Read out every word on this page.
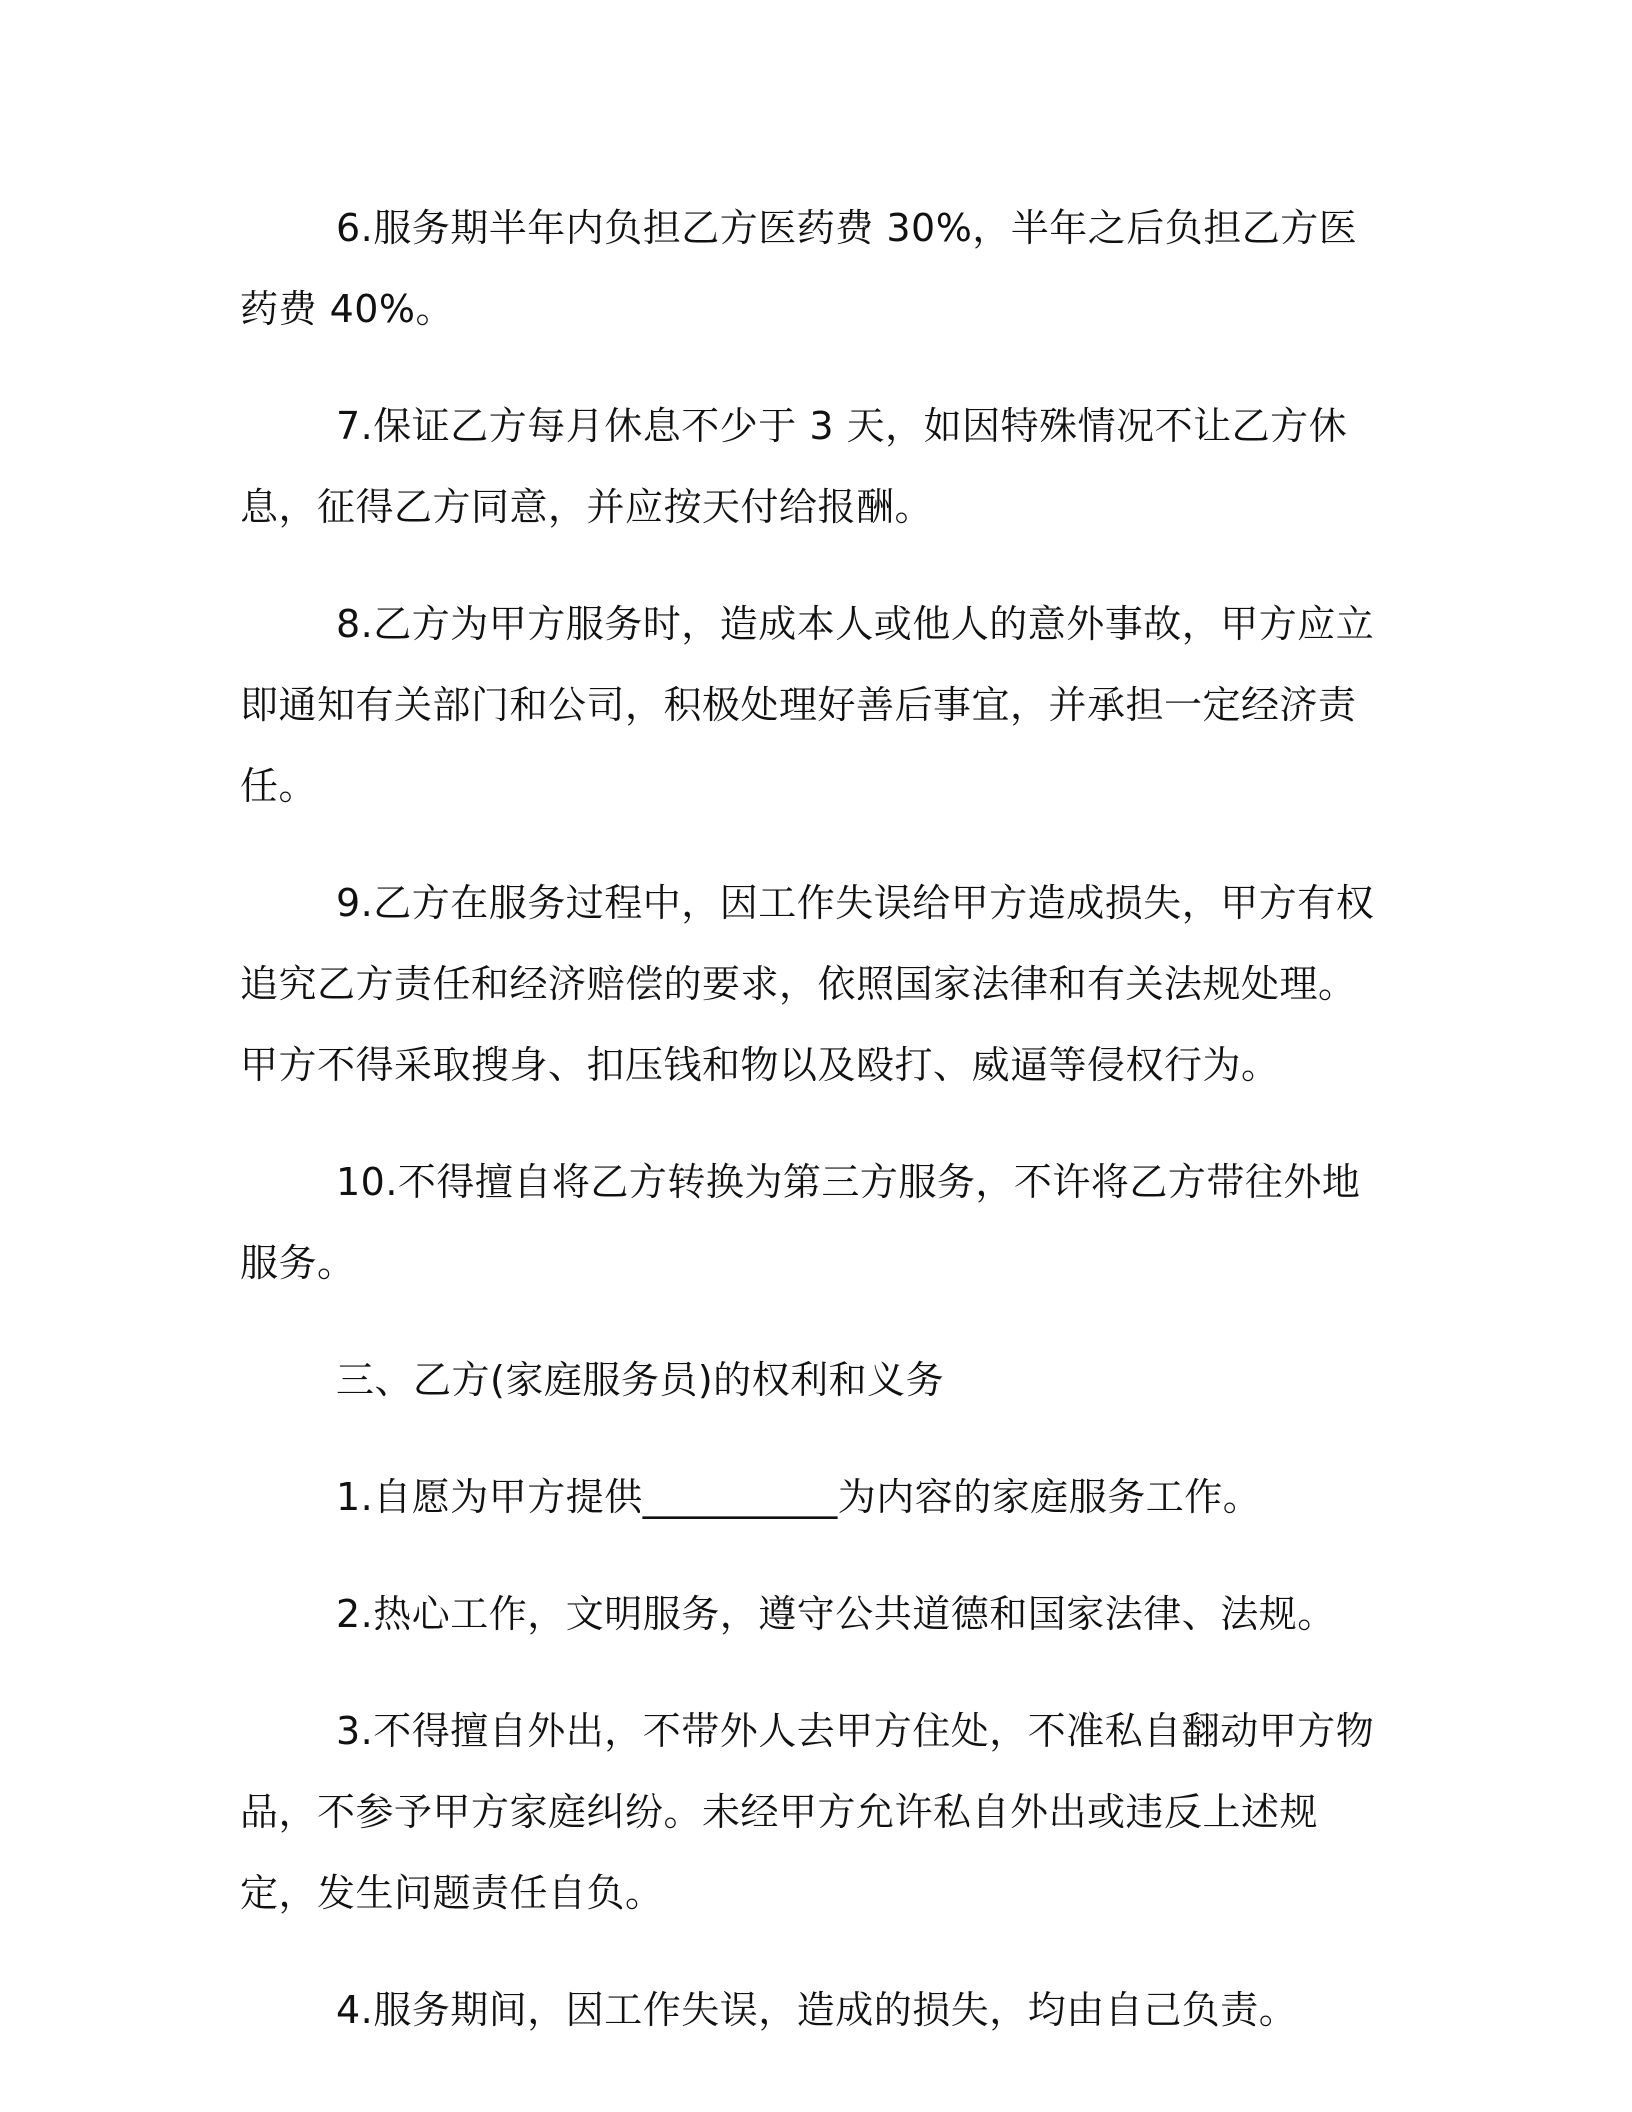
6.服务期半年内负担乙方医药费 30%，半年之后负担乙方医药费 40%。

7.保证乙方每月休息不少于 3 天，如因特殊情况不让乙方休息，征得乙方同意，并应按天付给报酬。

8.乙方为甲方服务时，造成本人或他人的意外事故，甲方应立即通知有关部门和公司，积极处理好善后事宜，并承担一定经济责任。

9.乙方在服务过程中，因工作失误给甲方造成损失，甲方有权追究乙方责任和经济赔偿的要求，依照国家法律和有关法规处理。甲方不得采取搜身、扣压钱和物以及殴打、威逼等侵权行为。

10.不得擅自将乙方转换为第三方服务，不许将乙方带往外地服务。

三、乙方(家庭服务员)的权利和义务

1.自愿为甲方提供__________为内容的家庭服务工作。

2.热心工作，文明服务，遵守公共道德和国家法律、法规。

3.不得擅自外出，不带外人去甲方住处，不准私自翻动甲方物品，不参予甲方家庭纠纷。未经甲方允许私自外出或违反上述规定，发生问题责任自负。

4.服务期间，因工作失误，造成的损失，均由自己负责。
